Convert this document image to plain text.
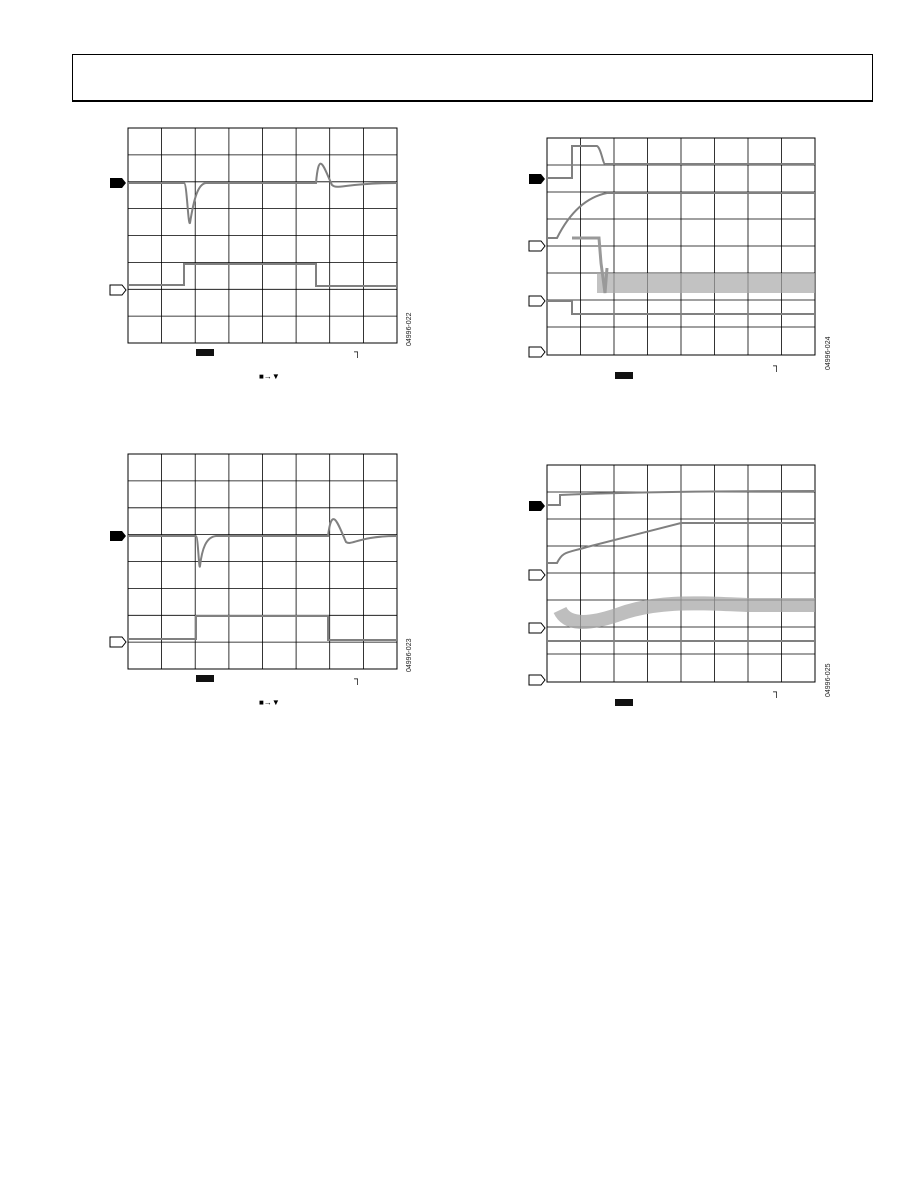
┐
■→▼
04996-022
┐	04996-024
┐
■→▼
04996-023
┐	04996-025
